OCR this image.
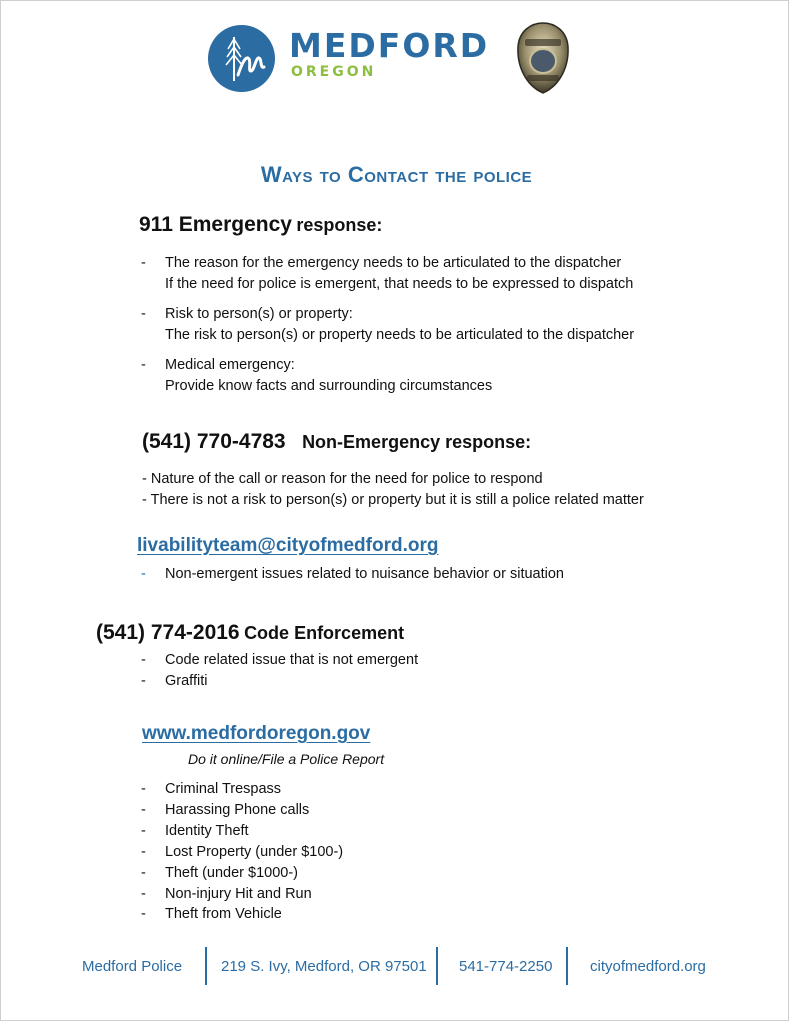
MEDFORD
OREGON
Ways to Contact the police
911 Emergency response:
- The reason for the emergency needs to be articulated to the dispatcher
If the need for police is emergent, that needs to be expressed to dispatch
- Risk to person(s) or property:
The risk to person(s) or property needs to be articulated to the dispatcher
- Medical emergency:
Provide know facts and surrounding circumstances
(541) 770-4783 Non-Emergency response:
- Nature of the call or reason for the need for police to respond
- There is not a risk to person(s) or property but it is still a police related matter
livabilityteam@cityofmedford.org
- Non-emergent issues related to nuisance behavior or situation
(541) 774-2016 Code Enforcement
- Code related issue that is not emergent
- Graffiti
www.medfordoregon.gov
Do it online/File a Police Report
- Criminal Trespass
- Harassing Phone calls
- Identity Theft
- Lost Property (under $100-)
- Theft (under $1000-)
- Non-injury Hit and Run
- Theft from Vehicle
Medford Police	219 S. Ivy, Medford, OR 97501 541-774-2250	cityofmedford.org
